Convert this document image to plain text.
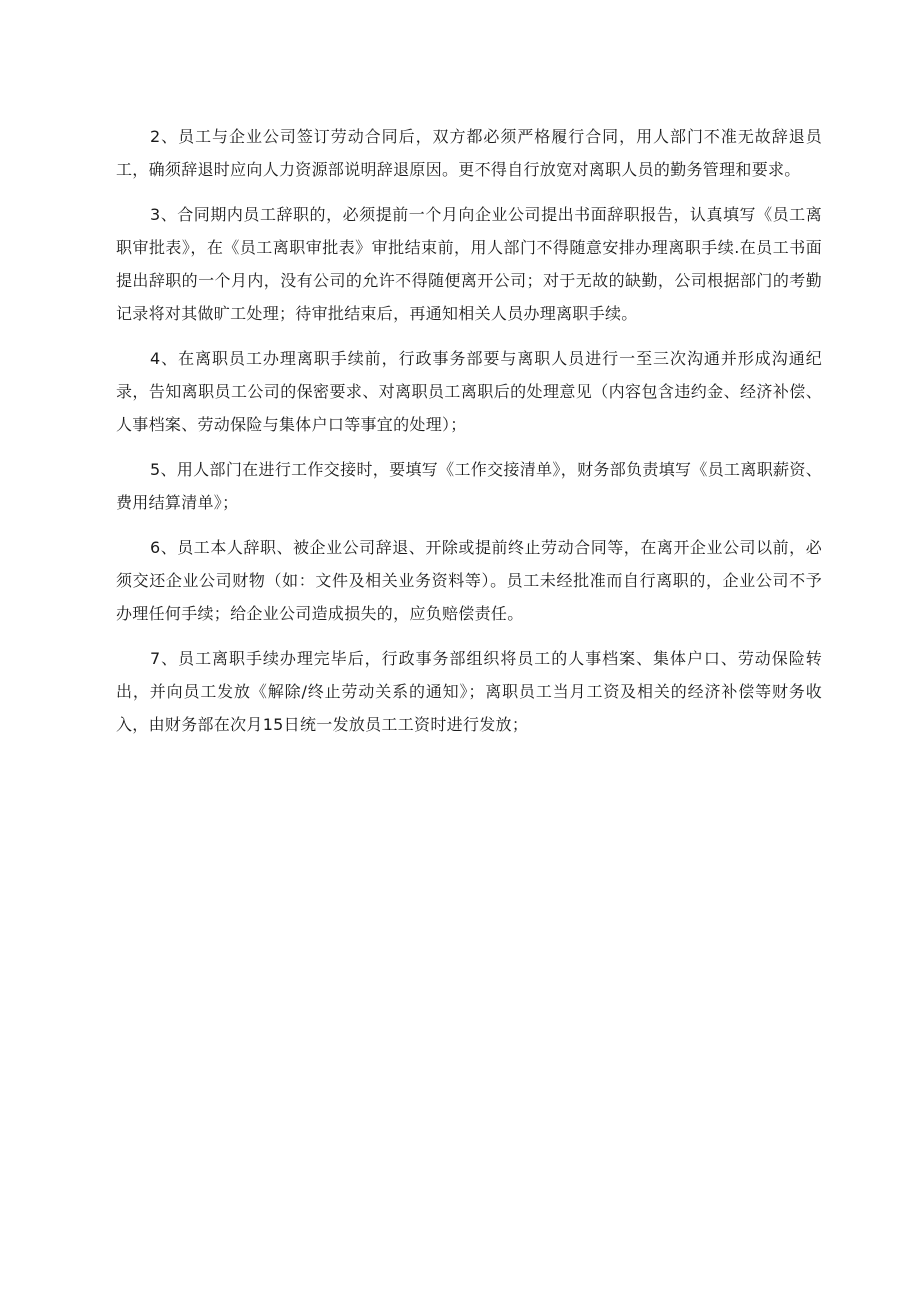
2、员工与企业公司签订劳动合同后，双方都必须严格履行合同，用人部门不准无故辞退员工，确须辞退时应向人力资源部说明辞退原因。更不得自行放宽对离职人员的勤务管理和要求。

3、合同期内员工辞职的，必须提前一个月向企业公司提出书面辞职报告，认真填写《员工离职审批表》，在《员工离职审批表》审批结束前，用人部门不得随意安排办理离职手续.在员工书面提出辞职的一个月内，没有公司的允许不得随便离开公司；对于无故的缺勤，公司根据部门的考勤记录将对其做旷工处理；待审批结束后，再通知相关人员办理离职手续。

4、在离职员工办理离职手续前，行政事务部要与离职人员进行一至三次沟通并形成沟通纪录，告知离职员工公司的保密要求、对离职员工离职后的处理意见（内容包含违约金、经济补偿、人事档案、劳动保险与集体户口等事宜的处理）；

5、用人部门在进行工作交接时，要填写《工作交接清单》，财务部负责填写《员工离职薪资、费用结算清单》；

6、员工本人辞职、被企业公司辞退、开除或提前终止劳动合同等，在离开企业公司以前，必须交还企业公司财物（如：文件及相关业务资料等）。员工未经批准而自行离职的，企业公司不予办理任何手续；给企业公司造成损失的，应负赔偿责任。

7、员工离职手续办理完毕后，行政事务部组织将员工的人事档案、集体户口、劳动保险转出，并向员工发放《解除/终止劳动关系的通知》；离职员工当月工资及相关的经济补偿等财务收入，由财务部在次月15日统一发放员工工资时进行发放；
